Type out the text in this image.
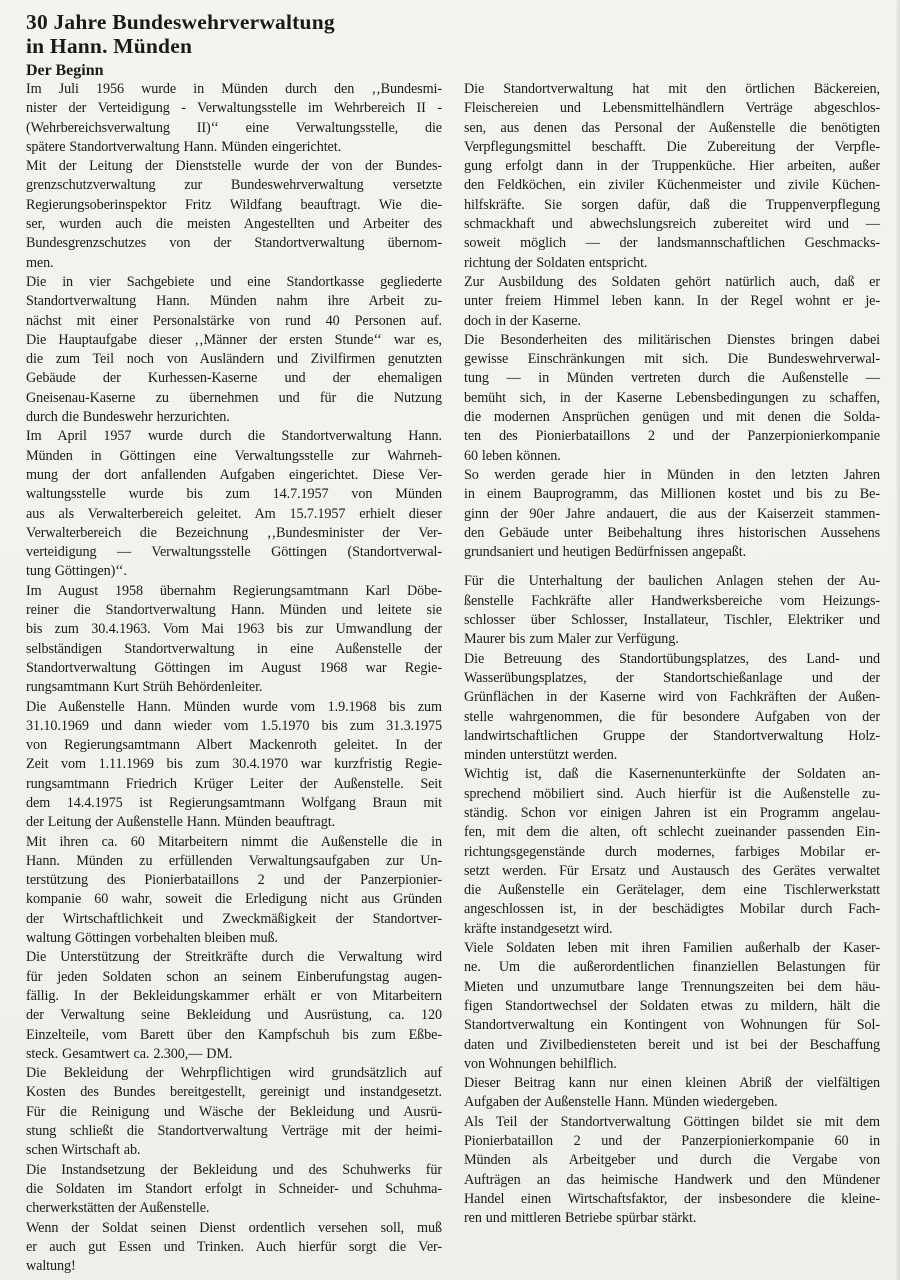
30 Jahre Bundeswehrverwaltung
in Hann. Münden
Der Beginn
Im Juli 1956 wurde in Münden durch den ‚‚Bundesmi-
nister der Verteidigung - Verwaltungsstelle im Wehrbereich II -
(Wehrbereichsverwaltung II)‘‘ eine Verwaltungsstelle, die
spätere Standortverwaltung Hann. Münden eingerichtet.
Mit der Leitung der Dienststelle wurde der von der Bundes-
grenzschutzverwaltung zur Bundeswehrverwaltung versetzte
Regierungsoberinspektor Fritz Wildfang beauftragt. Wie die-
ser, wurden auch die meisten Angestellten und Arbeiter des
Bundesgrenzschutzes von der Standortverwaltung übernom-
men.
Die in vier Sachgebiete und eine Standortkasse gegliederte
Standortverwaltung Hann. Münden nahm ihre Arbeit zu-
nächst mit einer Personalstärke von rund 40 Personen auf.
Die Hauptaufgabe dieser ‚‚Männer der ersten Stunde‘‘ war es,
die zum Teil noch von Ausländern und Zivilfirmen genutzten
Gebäude der Kurhessen-Kaserne und der ehemaligen
Gneisenau-Kaserne zu übernehmen und für die Nutzung
durch die Bundeswehr herzurichten.
Im April 1957 wurde durch die Standortverwaltung Hann.
Münden in Göttingen eine Verwaltungsstelle zur Wahrneh-
mung der dort anfallenden Aufgaben eingerichtet. Diese Ver-
waltungsstelle wurde bis zum 14.7.1957 von Münden
aus als Verwalterbereich geleitet. Am 15.7.1957 erhielt dieser
Verwalterbereich die Bezeichnung ‚‚Bundesminister der Ver-
verteidigung — Verwaltungsstelle Göttingen (Standortverwal-
tung Göttingen)‘‘.
Im August 1958 übernahm Regierungsamtmann Karl Döbe-
reiner die Standortverwaltung Hann. Münden und leitete sie
bis zum 30.4.1963. Vom Mai 1963 bis zur Umwandlung der
selbständigen Standortverwaltung in eine Außenstelle der
Standortverwaltung Göttingen im August 1968 war Regie-
rungsamtmann Kurt Strüh Behördenleiter.
Die Außenstelle Hann. Münden wurde vom 1.9.1968 bis zum
31.10.1969 und dann wieder vom 1.5.1970 bis zum 31.3.1975
von Regierungsamtmann Albert Mackenroth geleitet. In der
Zeit vom 1.11.1969 bis zum 30.4.1970 war kurzfristig Regie-
rungsamtmann Friedrich Krüger Leiter der Außenstelle. Seit
dem 14.4.1975 ist Regierungsamtmann Wolfgang Braun mit
der Leitung der Außenstelle Hann. Münden beauftragt.
Mit ihren ca. 60 Mitarbeitern nimmt die Außenstelle die in
Hann. Münden zu erfüllenden Verwaltungsaufgaben zur Un-
terstützung des Pionierbataillons 2 und der Panzerpionier-
kompanie 60 wahr, soweit die Erledigung nicht aus Gründen
der Wirtschaftlichkeit und Zweckmäßigkeit der Standortver-
waltung Göttingen vorbehalten bleiben muß.
Die Unterstützung der Streitkräfte durch die Verwaltung wird
für jeden Soldaten schon an seinem Einberufungstag augen-
fällig. In der Bekleidungskammer erhält er von Mitarbeitern
der Verwaltung seine Bekleidung und Ausrüstung, ca. 120
Einzelteile, vom Barett über den Kampfschuh bis zum Eßbe-
steck. Gesamtwert ca. 2.300,— DM.
Die Bekleidung der Wehrpflichtigen wird grundsätzlich auf
Kosten des Bundes bereitgestellt, gereinigt und instandgesetzt.
Für die Reinigung und Wäsche der Bekleidung und Ausrü-
stung schließt die Standortverwaltung Verträge mit der heimi-
schen Wirtschaft ab.
Die Instandsetzung der Bekleidung und des Schuhwerks für
die Soldaten im Standort erfolgt in Schneider- und Schuhma-
cherwerkstätten der Außenstelle.
Wenn der Soldat seinen Dienst ordentlich versehen soll, muß
er auch gut Essen und Trinken. Auch hierfür sorgt die Ver-
waltung!
Die Standortverwaltung hat mit den örtlichen Bäckereien,
Fleischereien und Lebensmittelhändlern Verträge abgeschlos-
sen, aus denen das Personal der Außenstelle die benötigten
Verpflegungsmittel beschafft. Die Zubereitung der Verpfle-
gung erfolgt dann in der Truppenküche. Hier arbeiten, außer
den Feldköchen, ein ziviler Küchenmeister und zivile Küchen-
hilfskräfte. Sie sorgen dafür, daß die Truppenverpflegung
schmackhaft und abwechslungsreich zubereitet wird und —
soweit möglich — der landsmannschaftlichen Geschmacks-
richtung der Soldaten entspricht.
Zur Ausbildung des Soldaten gehört natürlich auch, daß er
unter freiem Himmel leben kann. In der Regel wohnt er je-
doch in der Kaserne.
Die Besonderheiten des militärischen Dienstes bringen dabei
gewisse Einschränkungen mit sich. Die Bundeswehrverwal-
tung — in Münden vertreten durch die Außenstelle —
bemüht sich, in der Kaserne Lebensbedingungen zu schaffen,
die modernen Ansprüchen genügen und mit denen die Solda-
ten des Pionierbataillons 2 und der Panzerpionierkompanie
60 leben können.
So werden gerade hier in Münden in den letzten Jahren
in einem Bauprogramm, das Millionen kostet und bis zu Be-
ginn der 90er Jahre andauert, die aus der Kaiserzeit stammen-
den Gebäude unter Beibehaltung ihres historischen Aussehens
grundsaniert und heutigen Bedürfnissen angepaßt.
Für die Unterhaltung der baulichen Anlagen stehen der Au-
ßenstelle Fachkräfte aller Handwerksbereiche vom Heizungs-
schlosser über Schlosser, Installateur, Tischler, Elektriker und
Maurer bis zum Maler zur Verfügung.
Die Betreuung des Standortübungsplatzes, des Land- und
Wasserübungsplatzes, der Standortschießanlage und der
Grünflächen in der Kaserne wird von Fachkräften der Außen-
stelle wahrgenommen, die für besondere Aufgaben von der
landwirtschaftlichen Gruppe der Standortverwaltung Holz-
minden unterstützt werden.
Wichtig ist, daß die Kasernenunterkünfte der Soldaten an-
sprechend möbiliert sind. Auch hierfür ist die Außenstelle zu-
ständig. Schon vor einigen Jahren ist ein Programm angelau-
fen, mit dem die alten, oft schlecht zueinander passenden Ein-
richtungsgegenstände durch modernes, farbiges Mobilar er-
setzt werden. Für Ersatz und Austausch des Gerätes verwaltet
die Außenstelle ein Gerätelager, dem eine Tischlerwerkstatt
angeschlossen ist, in der beschädigtes Mobilar durch Fach-
kräfte instandgesetzt wird.
Viele Soldaten leben mit ihren Familien außerhalb der Kaser-
ne. Um die außerordentlichen finanziellen Belastungen für
Mieten und unzumutbare lange Trennungszeiten bei dem häu-
figen Standortwechsel der Soldaten etwas zu mildern, hält die
Standortverwaltung ein Kontingent von Wohnungen für Sol-
daten und Zivilbediensteten bereit und ist bei der Beschaffung
von Wohnungen behilflich.
Dieser Beitrag kann nur einen kleinen Abriß der vielfältigen
Aufgaben der Außenstelle Hann. Münden wiedergeben.
Als Teil der Standortverwaltung Göttingen bildet sie mit dem
Pionierbataillon 2 und der Panzerpionierkompanie 60 in
Münden als Arbeitgeber und durch die Vergabe von
Aufträgen an das heimische Handwerk und den Mündener
Handel einen Wirtschaftsfaktor, der insbesondere die kleine-
ren und mittleren Betriebe spürbar stärkt.
